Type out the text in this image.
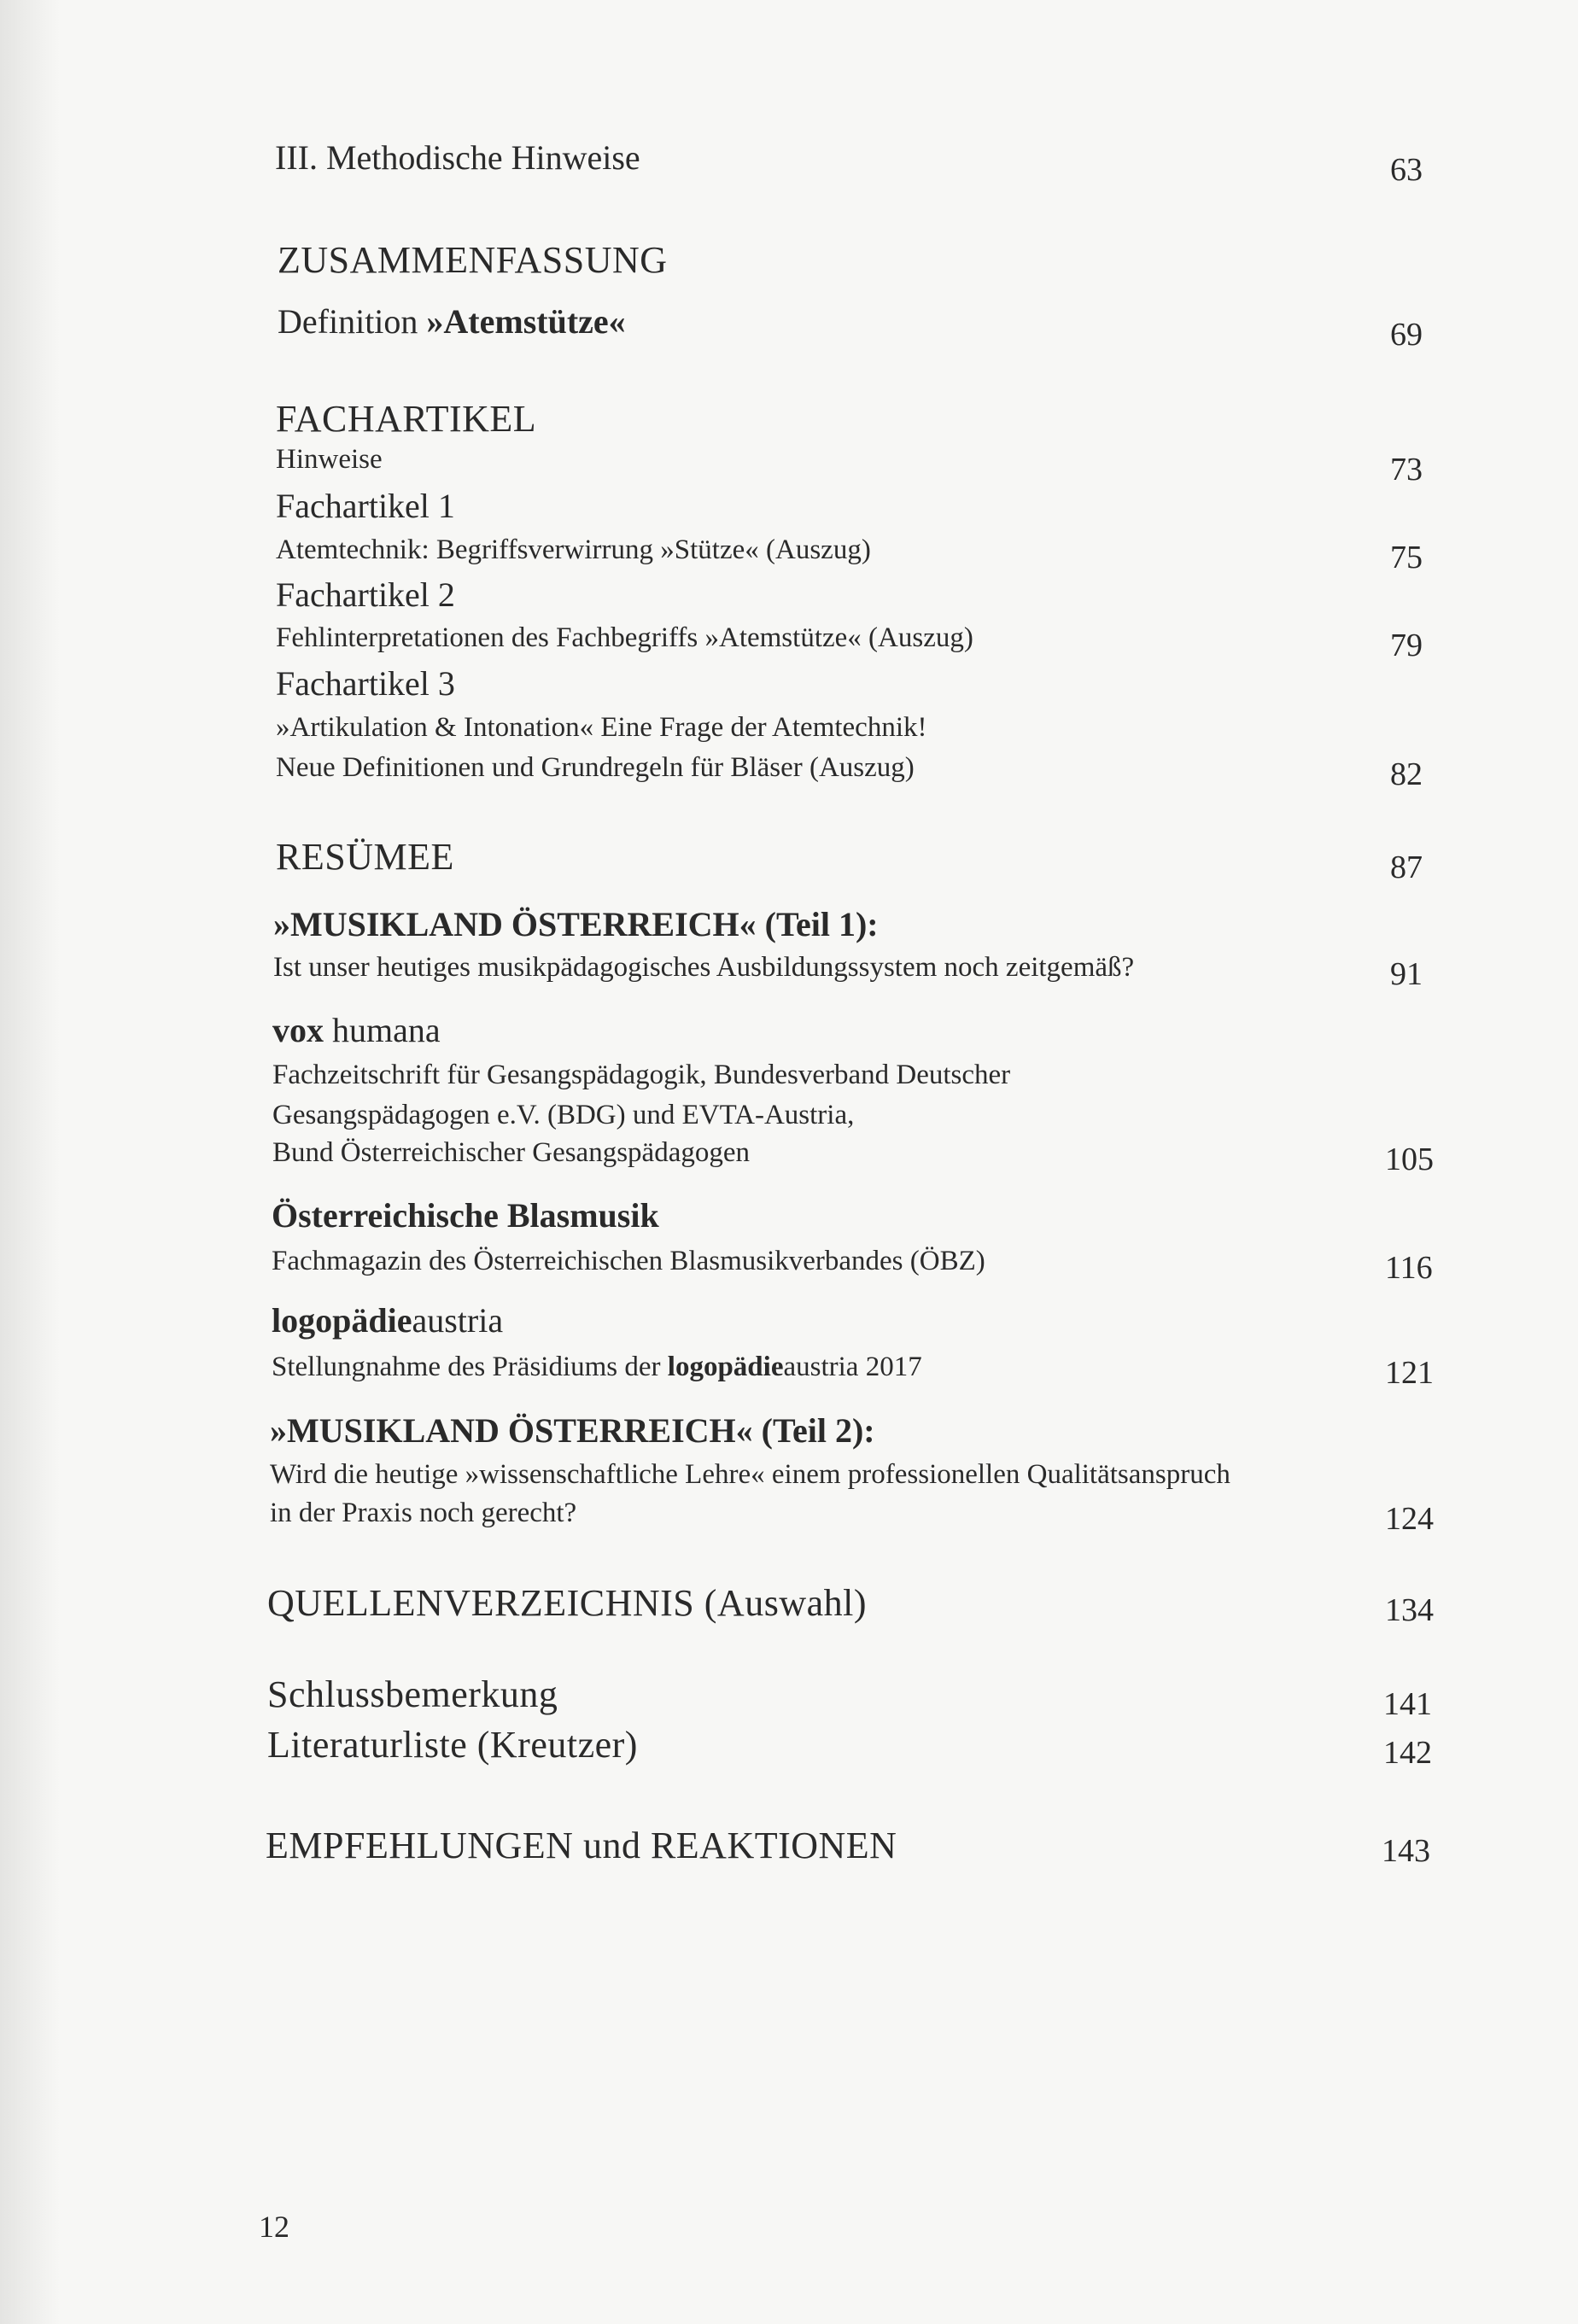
III. Methodische Hinweise	63
ZUSAMMENFASSUNG
Definition »Atemstütze«	69
FACHARTIKEL
Hinweise	73
Fachartikel 1
Atemtechnik: Begriffsverwirrung »Stütze« (Auszug)	75
Fachartikel 2
Fehlinterpretationen des Fachbegriffs »Atemstütze« (Auszug)	79
Fachartikel 3
»Artikulation & Intonation« Eine Frage der Atemtechnik!
Neue Definitionen und Grundregeln für Bläser (Auszug)	82
RESÜMEE	87
»MUSIKLAND ÖSTERREICH« (Teil 1):
Ist unser heutiges musikpädagogisches Ausbildungssystem noch zeitgemäß?	91
vox humana
Fachzeitschrift für Gesangspädagogik, Bundesverband Deutscher
Gesangspädagogen e.V. (BDG) und EVTA-Austria,
Bund Österreichischer Gesangspädagogen	105
Österreichische Blasmusik
Fachmagazin des Österreichischen Blasmusikverbandes (ÖBZ)	116
logopädieaustria
Stellungnahme des Präsidiums der logopädieaustria 2017	121
»MUSIKLAND ÖSTERREICH« (Teil 2):
Wird die heutige »wissenschaftliche Lehre« einem professionellen Qualitätsanspruch
in der Praxis noch gerecht?	124
QUELLENVERZEICHNIS (Auswahl)	134
Schlussbemerkung	141
Literaturliste (Kreutzer)	142
EMPFEHLUNGEN und REAKTIONEN	143
12
